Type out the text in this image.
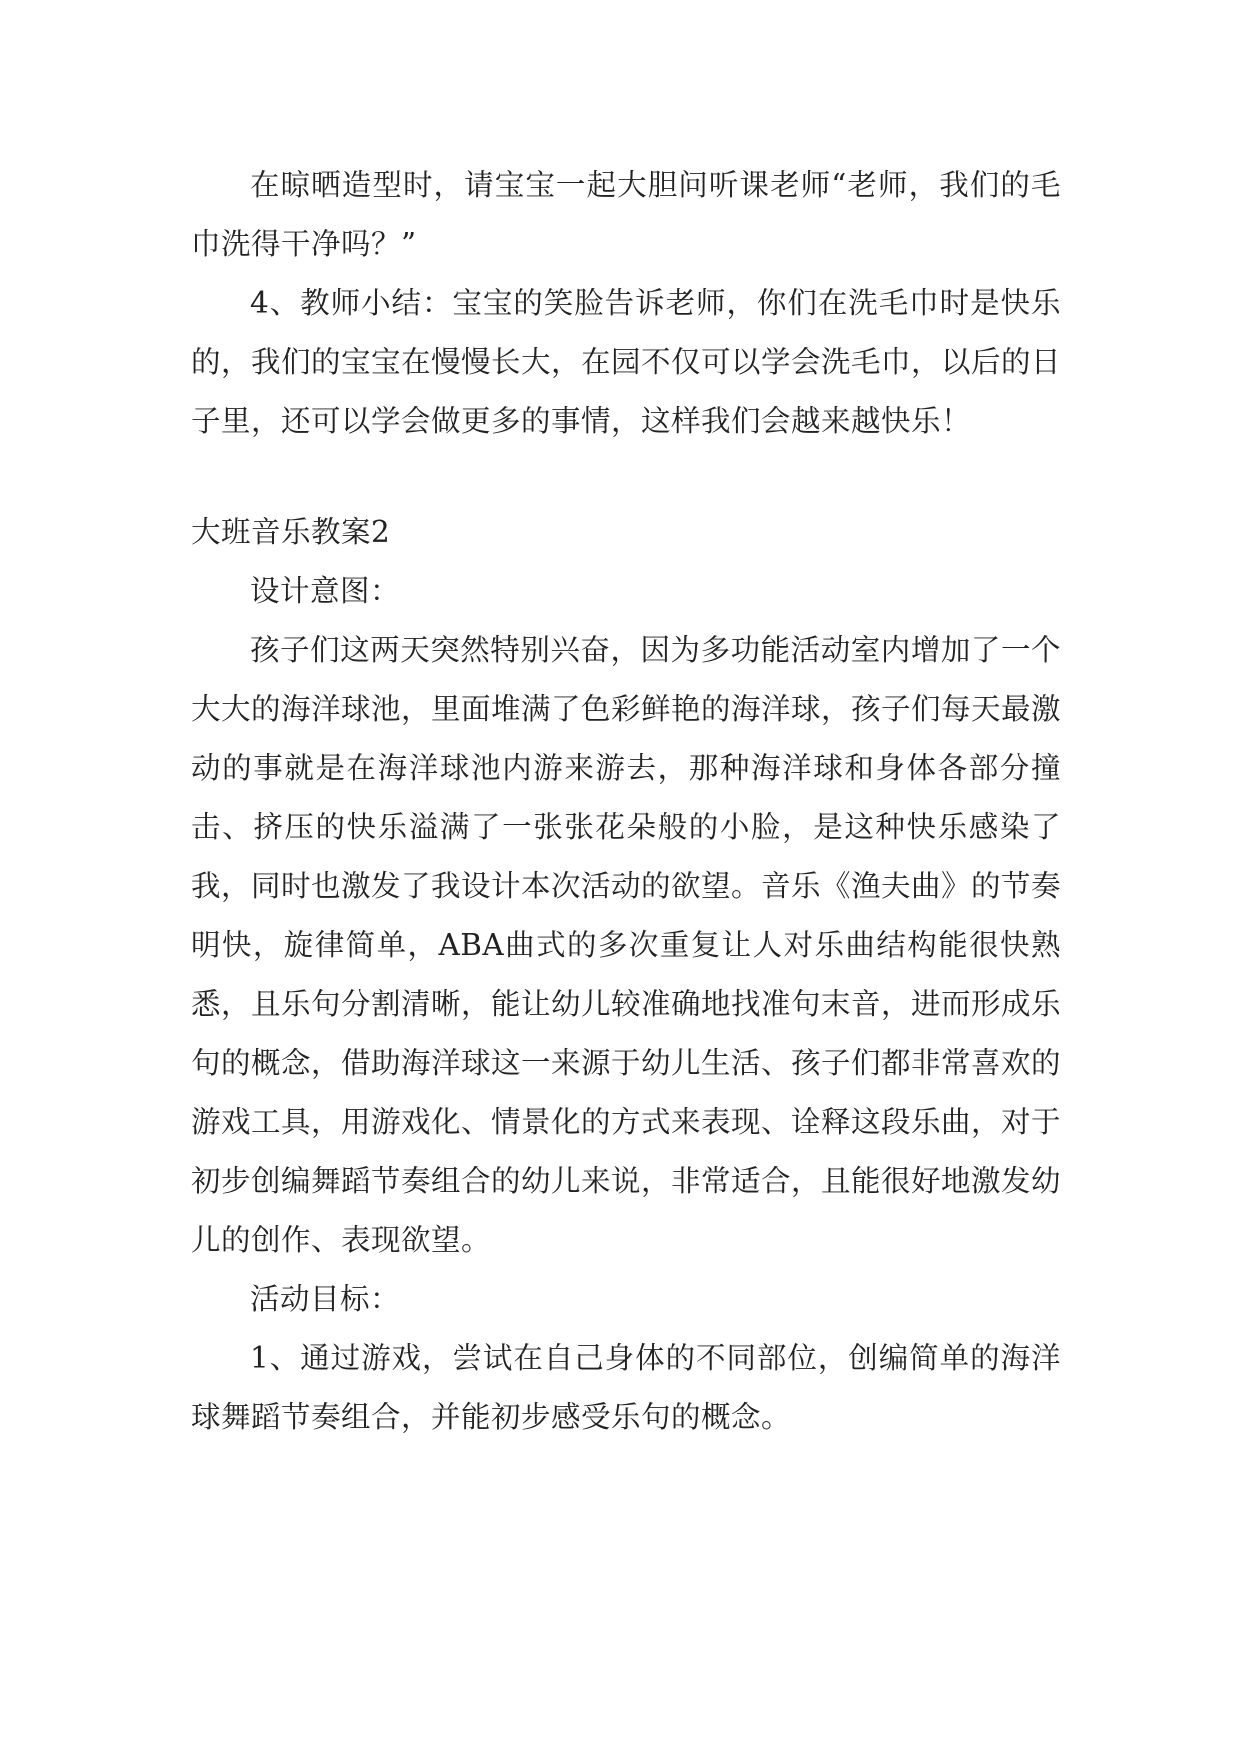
在晾晒造型时，请宝宝一起大胆问听课老师“老师，我们的毛巾洗得干净吗？”

4、教师小结：宝宝的笑脸告诉老师，你们在洗毛巾时是快乐的，我们的宝宝在慢慢长大，在园不仅可以学会洗毛巾，以后的日子里，还可以学会做更多的事情，这样我们会越来越快乐！

大班音乐教案2

设计意图：

孩子们这两天突然特别兴奋，因为多功能活动室内增加了一个大大的海洋球池，里面堆满了色彩鲜艳的海洋球，孩子们每天最激动的事就是在海洋球池内游来游去，那种海洋球和身体各部分撞击、挤压的快乐溢满了一张张花朵般的小脸，是这种快乐感染了我，同时也激发了我设计本次活动的欲望。音乐《渔夫曲》的节奏明快，旋律简单，ABA曲式的多次重复让人对乐曲结构能很快熟悉，且乐句分割清晰，能让幼儿较准确地找准句末音，进而形成乐句的概念，借助海洋球这一来源于幼儿生活、孩子们都非常喜欢的游戏工具，用游戏化、情景化的方式来表现、诠释这段乐曲，对于初步创编舞蹈节奏组合的幼儿来说，非常适合，且能很好地激发幼儿的创作、表现欲望。

活动目标：

1、通过游戏，尝试在自己身体的不同部位，创编简单的海洋球舞蹈节奏组合，并能初步感受乐句的概念。
